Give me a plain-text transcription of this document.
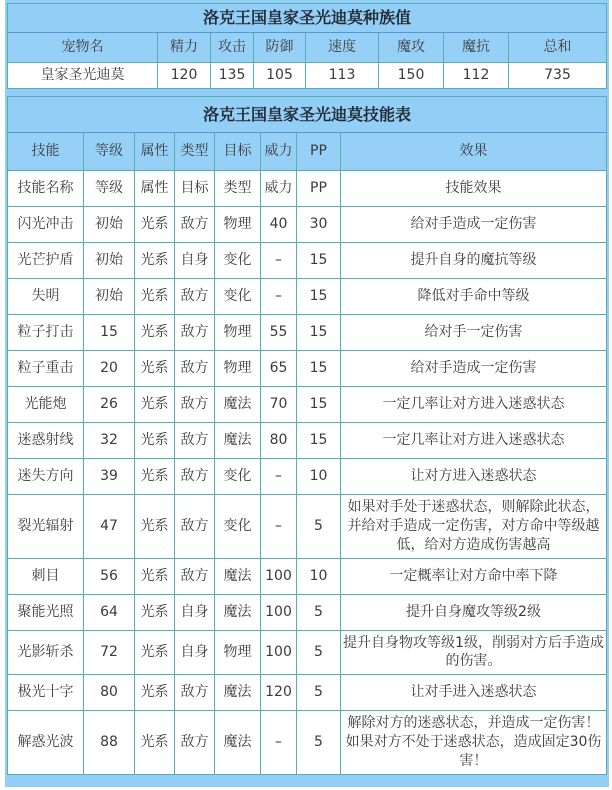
洛克王国皇家圣光迪莫种族值							
宠物名	精力	攻击	防御	速度	魔攻	魔抗	总和
皇家圣光迪莫	120	135	105	113	150	112	735
洛克王国皇家圣光迪莫技能表							
技能	等级	属性	类型	目标	威力	PP	效果
技能名称	等级	属性	目标	类型	威力	PP	技能效果
闪光冲击	初始	光系	敌方	物理	40	30	给对手造成一定伤害
光芒护盾	初始	光系	自身	变化	–	15	提升自身的魔抗等级
失明	初始	光系	敌方	变化	–	15	降低对手命中等级
粒子打击	15	光系	敌方	物理	55	15	给对手一定伤害
粒子重击	20	光系	敌方	物理	65	15	给对手造成一定伤害
光能炮	26	光系	敌方	魔法	70	15	一定几率让对方进入迷惑状态
迷惑射线	32	光系	敌方	魔法	80	15	一定几率让对方进入迷惑状态
迷失方向	39	光系	敌方	变化	–	10	让对方进入迷惑状态
裂光辐射	47	光系	敌方	变化	–	5	如果对手处于迷惑状态，则解除此状态，并给对手造成一定伤害，对方命中等级越低，给对方造成伤害越高
刺目	56	光系	敌方	魔法	100	10	一定概率让对方命中率下降
聚能光照	64	光系	自身	魔法	100	5	提升自身魔攻等级2级
光影斩杀	72	光系	自身	物理	100	5	提升自身物攻等级1级，削弱对方后手造成的伤害。
极光十字	80	光系	敌方	魔法	120	5	让对手进入迷惑状态
解惑光波	88	光系	敌方	魔法	–	5	解除对方的迷惑状态，并造成一定伤害！如果对方不处于迷惑状态，造成固定30伤害！
